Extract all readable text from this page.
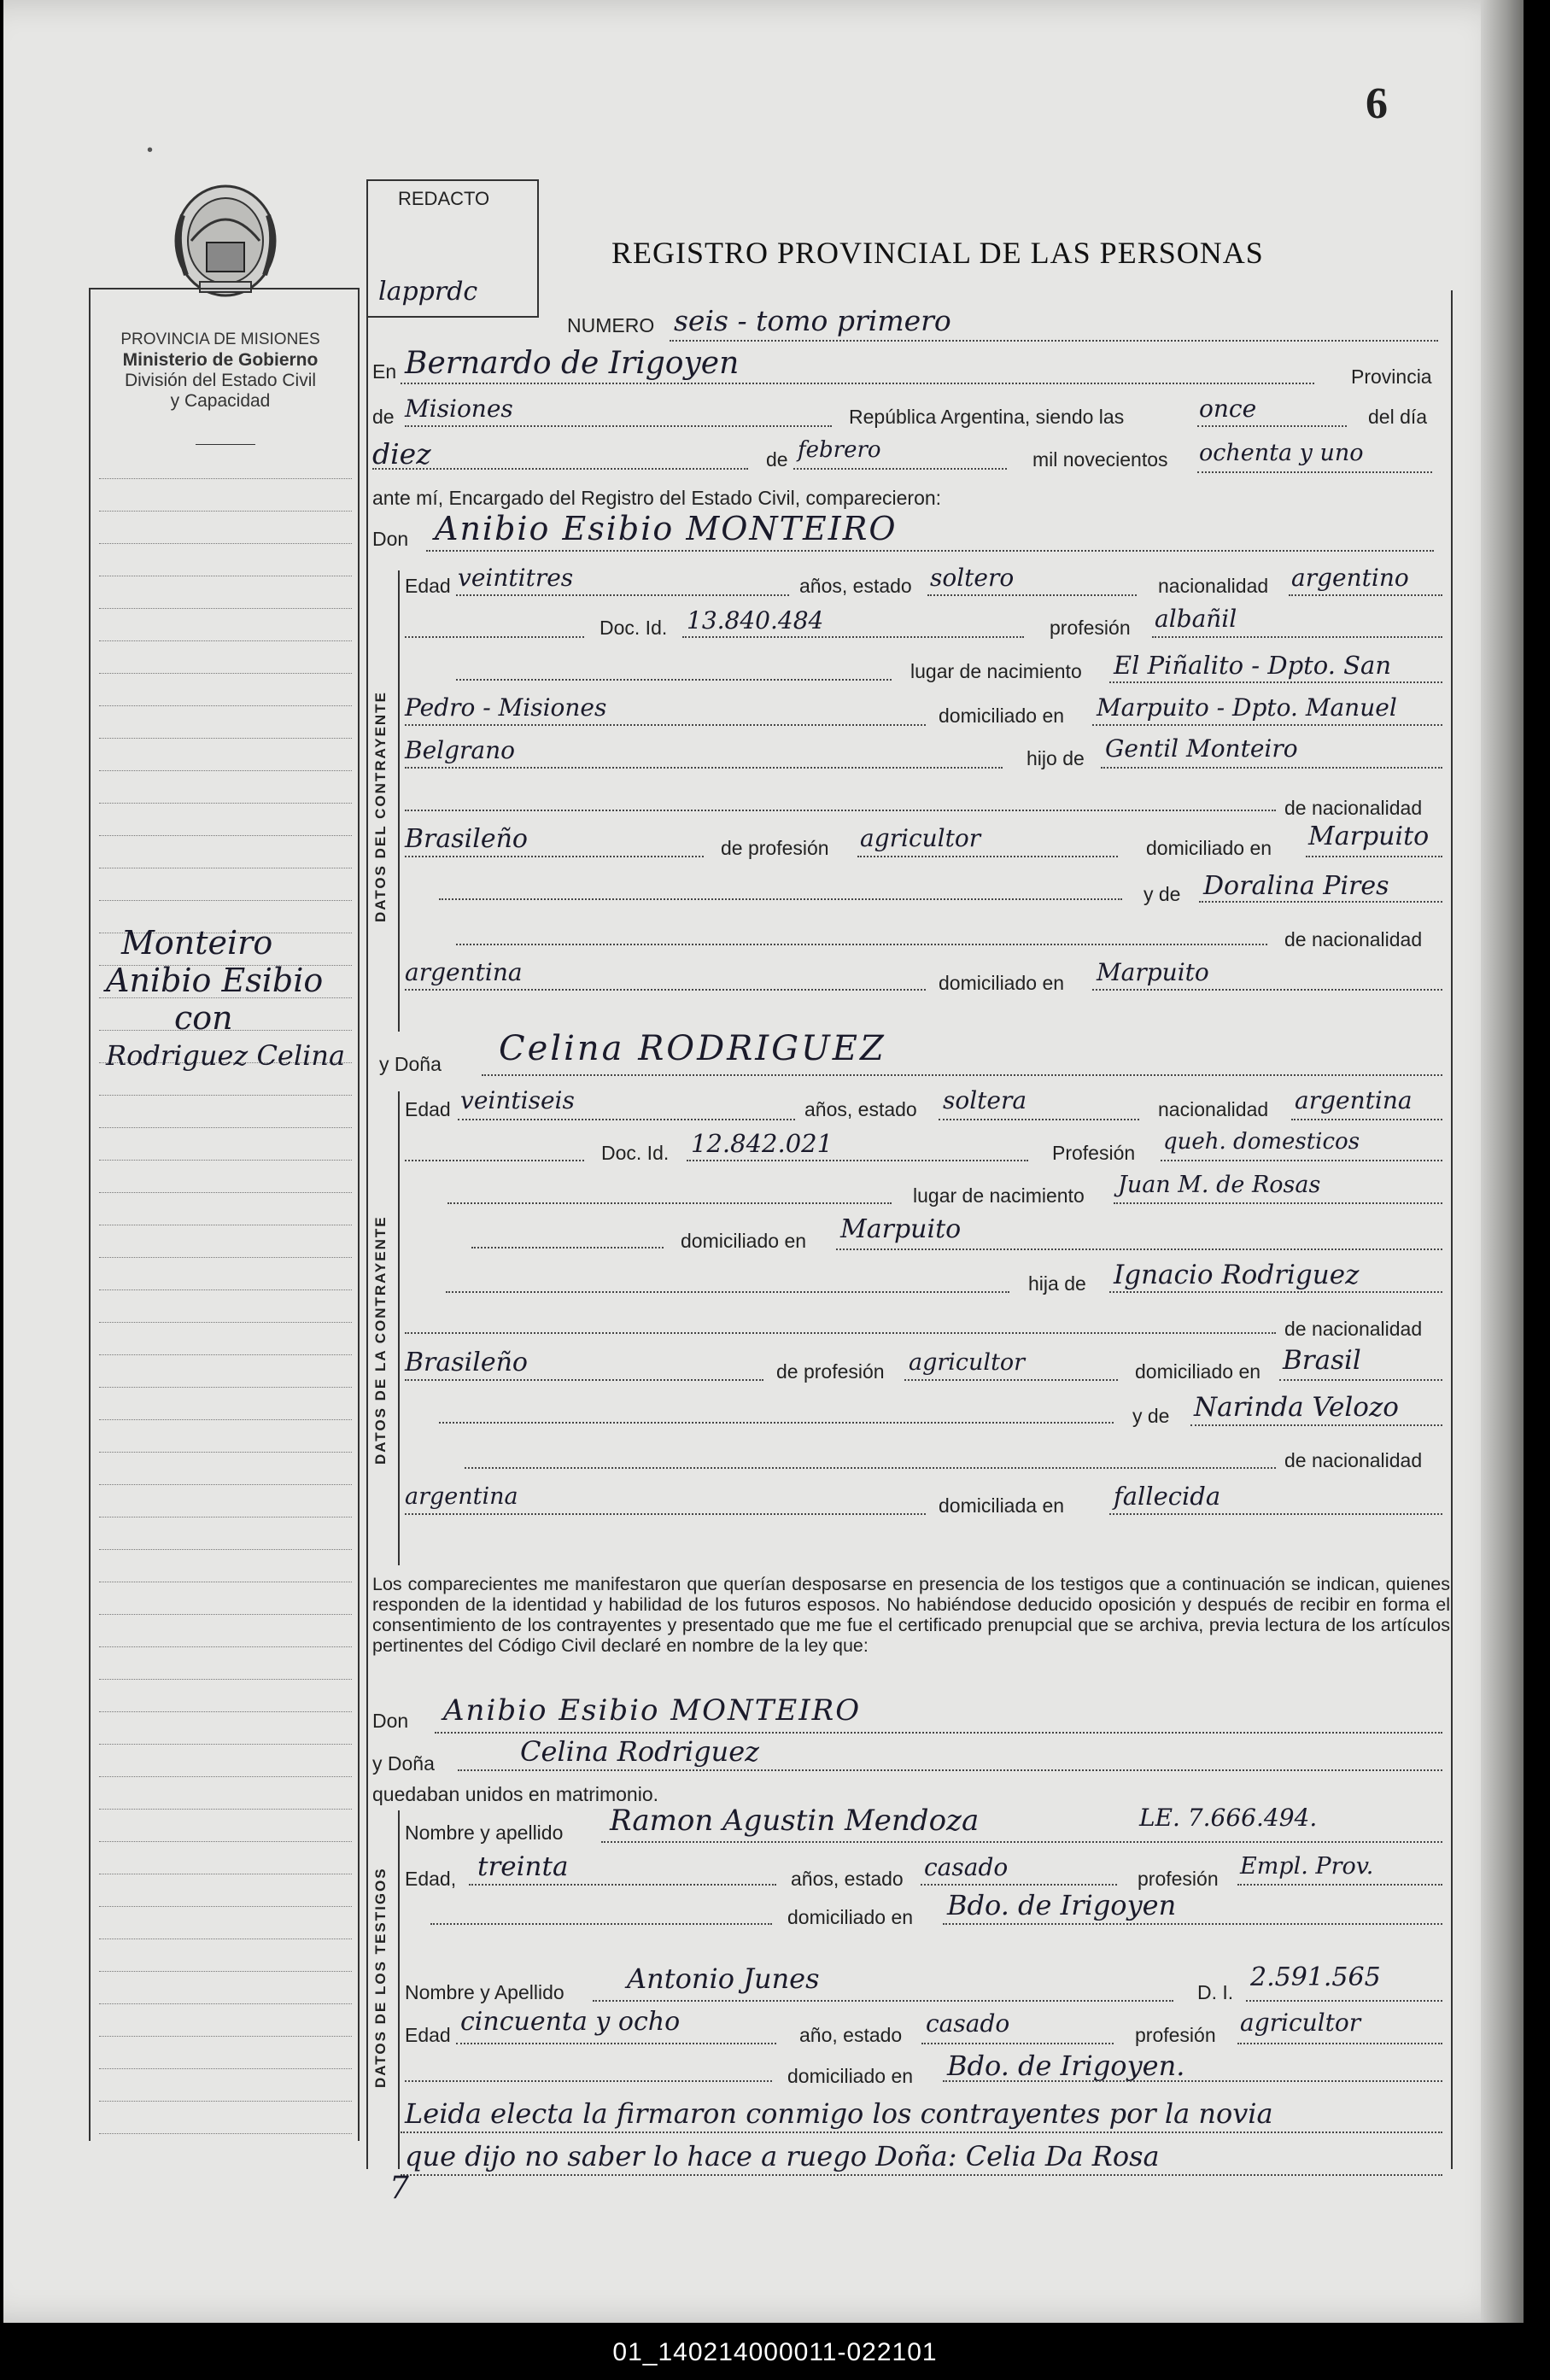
6
•
PROVINCIA DE MISIONES
Ministerio de Gobierno
División del Estado Civil
y Capacidad
Monteiro
Anibio Esibio
con
Rodriguez Celina
REDACTO
lapprdc
REGISTRO PROVINCIAL DE LAS PERSONAS
NUMERO seis - tomo primero
En Bernardo de Irigoyen	Provincia
de Misiones	República Argentina, siendo las	once	del día
diez	de febrero	mil novecientos ochenta y uno
ante mí, Encargado del Registro del Estado Civil, comparecieron:
Don Anibio Esibio MONTEIRO
DATOS DEL CONTRAYENTE
Edad veintitres	años, estado soltero	nacionalidad argentino
Doc. Id. 13.840.484	profesión albañil
lugar de nacimiento El Piñalito - Dpto. San
Pedro - Misiones	domiciliado en Marpuito - Dpto. Manuel
Belgrano	hijo de Gentil Monteiro
de nacionalidad
Brasileño	de profesión agricultor	domiciliado en Marpuito
y de Doralina Pires
de nacionalidad
argentina	domiciliado en Marpuito
y Doña Celina RODRIGUEZ
DATOS DE LA CONTRAYENTE
Edad veintiseis	años, estado soltera	nacionalidad argentina
Doc. Id. 12.842.021	Profesión queh. domesticos
lugar de nacimiento Juan M. de Rosas
domiciliado en Marpuito
hija de Ignacio Rodriguez
de nacionalidad
Brasileño	de profesión agricultor	domiciliado en Brasil
y de Narinda Velozo
de nacionalidad
argentina	domiciliada en fallecida
Los comparecientes me manifestaron que querían desposarse en presencia de los testigos que a continuación se indican, quienes responden de la identidad y habilidad de los futuros esposos. No habiéndose deducido oposición y después de recibir en forma el consentimiento de los contrayentes y presentado que me fue el certificado prenupcial que se archiva, previa lectura de los artículos pertinentes del Código Civil declaré en nombre de la ley que:
Don Anibio Esibio MONTEIRO
y Doña	Celina Rodriguez
quedaban unidos en matrimonio.
DATOS DE LOS TESTIGOS
Nombre y apellido Ramon Agustin Mendoza	LE. 7.666.494.
Edad, treinta	años, estado casado	profesión Empl. Prov.
domiciliado en Bdo. de Irigoyen
Nombre y Apellido Antonio Junes	D. I. 2.591.565
Edad cincuenta y ocho	año, estado casado	profesión agricultor
domiciliado en Bdo. de Irigoyen.
Leida electa la firmaron conmigo los contrayentes por la novia
que dijo no saber lo hace a ruego Doña: Celia Da Rosa
7
01_140214000011-022101
